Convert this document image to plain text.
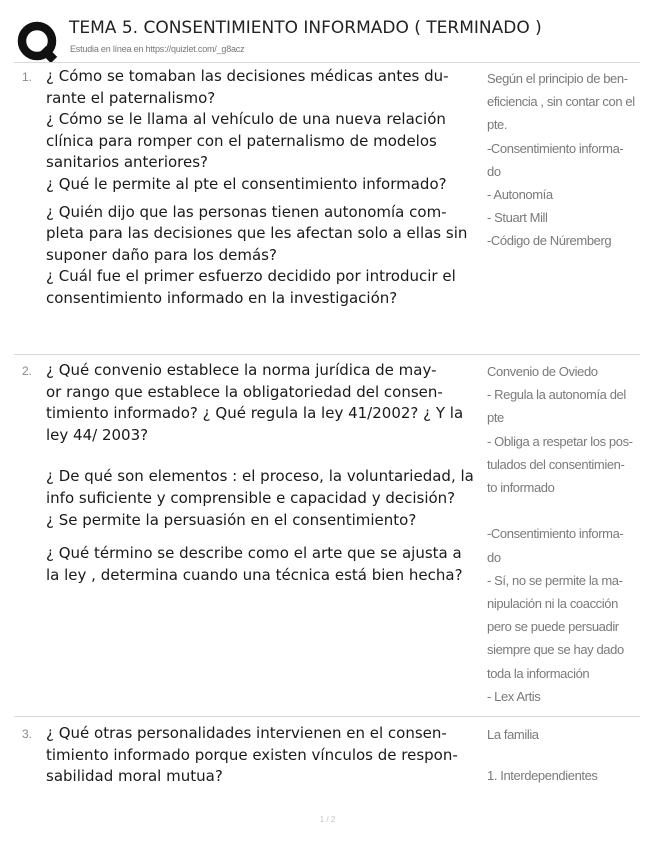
TEMA 5. CONSENTIMIENTO INFORMADO ( TERMINADO )
Estudia en línea en https://quizlet.com/_g8acz
1. ¿ Cómo se tomaban las decisiones médicas antes du-

rante el paternalismo?

¿ Cómo se le llama al vehículo de una nueva relación

clínica para romper con el paternalismo de modelos

sanitarios anteriores?

¿ Qué le permite al pte el consentimiento informado?

¿ Quién dijo que las personas tienen autonomía com-

pleta para las decisiones que les afectan solo a ellas sin

suponer daño para los demás?

¿ Cuál fue el primer esfuerzo decidido por introducir el

consentimiento informado en la investigación?

Según el principio de ben-

eficiencia , sin contar con el

pte.

-Consentimiento informa-

do

- Autonomía

- Stuart Mill

-Código de Núremberg

2. ¿ Qué convenio establece la norma jurídica de may-

or rango que establece la obligatoriedad del consen-

timiento informado? ¿ Qué regula la ley 41/2002? ¿ Y la

ley 44/ 2003?

¿ De qué son elementos : el proceso, la voluntariedad, la

info suficiente y comprensible e capacidad y decisión?

¿ Se permite la persuasión en el consentimiento?

¿ Qué término se describe como el arte que se ajusta a

la ley , determina cuando una técnica está bien hecha?

Convenio de Oviedo

- Regula la autonomía del

pte

- Obliga a respetar los pos-

tulados del consentimien-

to informado

-Consentimiento informa-

do

- Sí, no se permite la ma-

nipulación ni la coacción

pero se puede persuadir

siempre que se hay dado

toda la información

- Lex Artis

3. ¿ Qué otras personalidades intervienen en el consen-

timiento informado porque existen vínculos de respon-

sabilidad moral mutua?

La familia

1. Interdependientes

1 / 2
